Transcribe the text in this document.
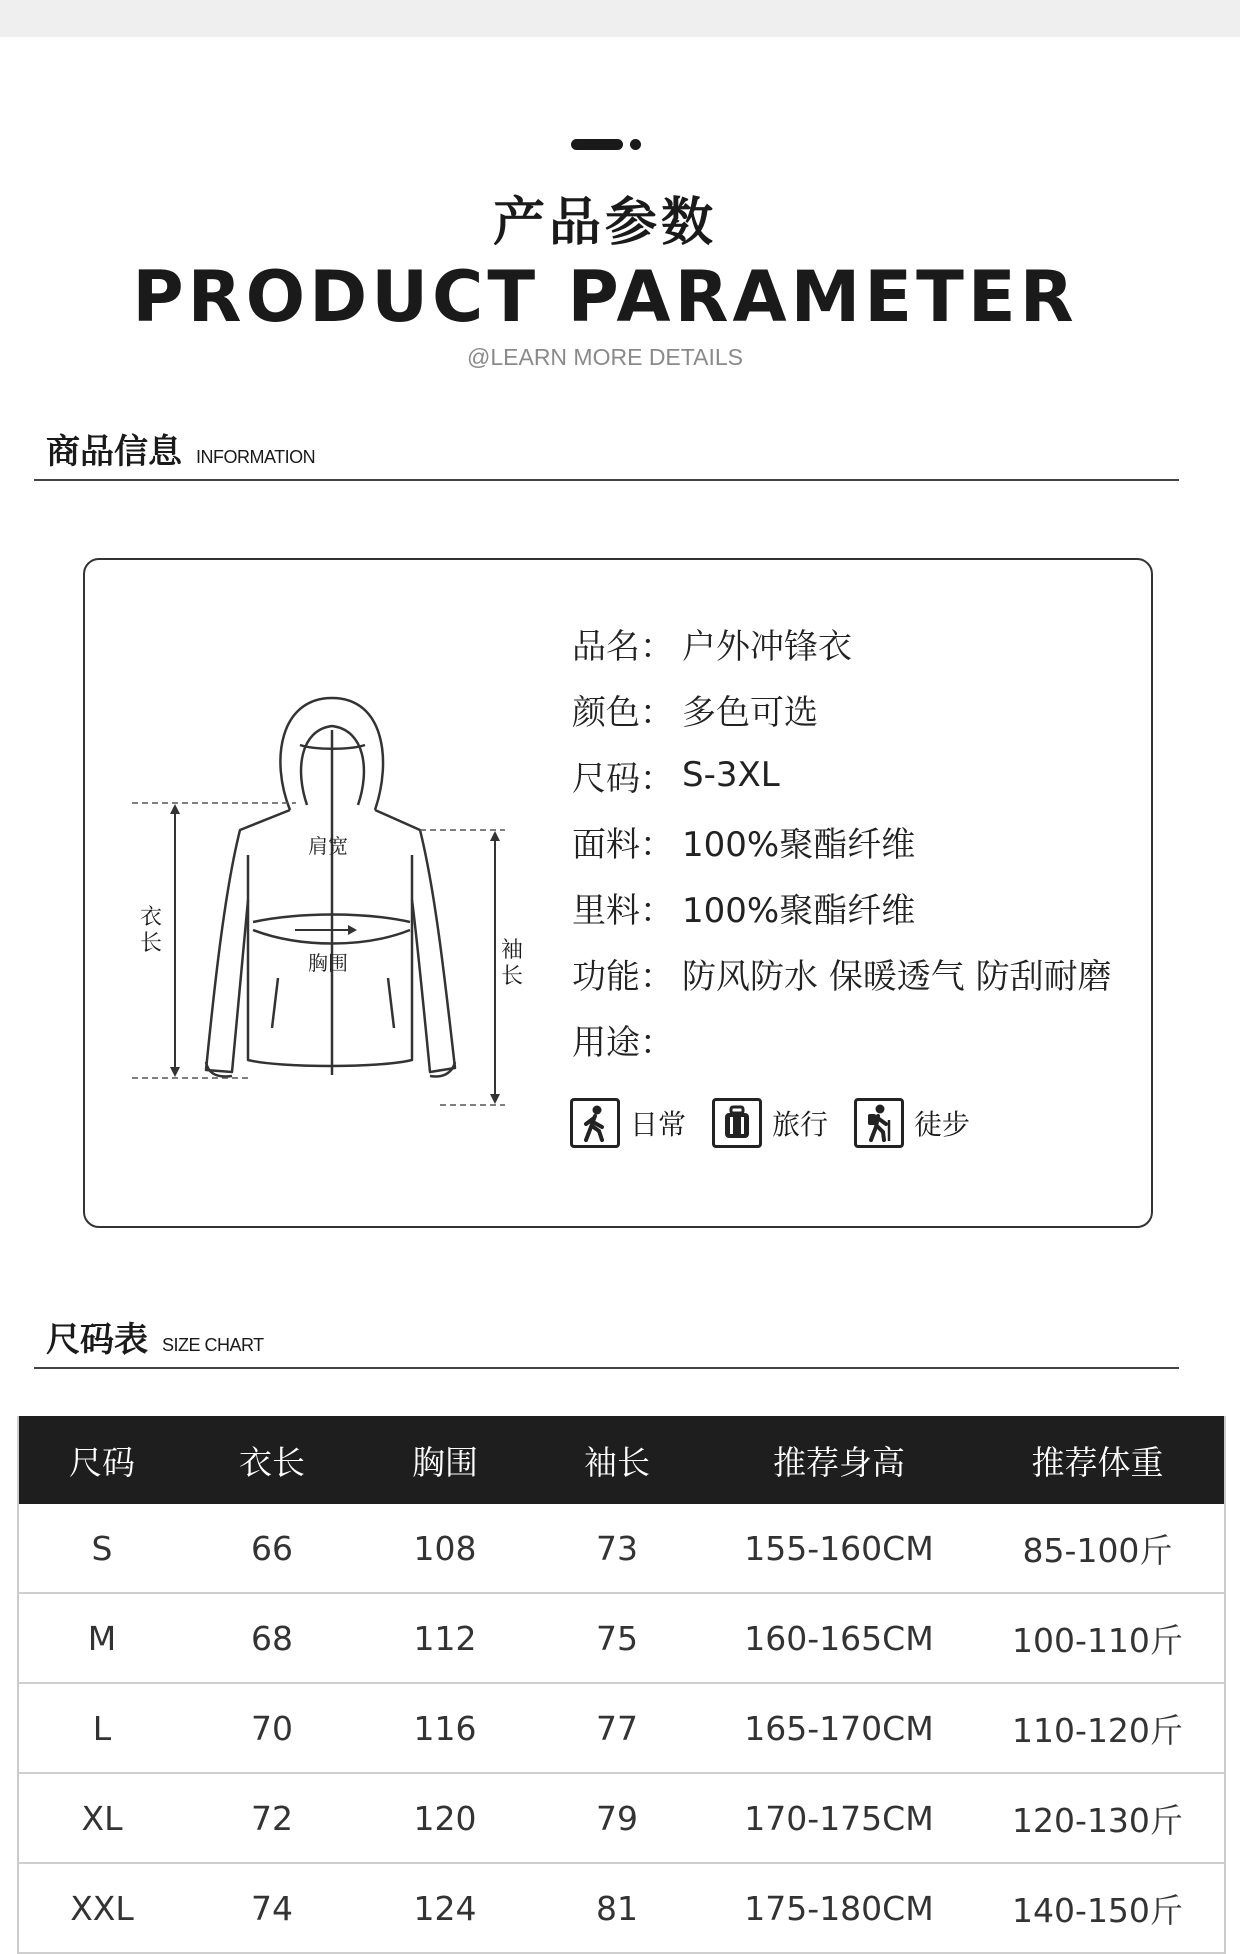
产品参数
PRODUCT PARAMETER
@LEARN MORE DETAILS
商品信息 INFORMATION
肩宽
胸围
衣长	袖长
品名： 户外冲锋衣
颜色： 多色可选
尺码： S-3XL
面料： 100%聚酯纤维
里料： 100%聚酯纤维
功能： 防风防水 保暖透气 防刮耐磨
用途：
日常	旅行	徒步
尺码表 SIZE CHART
尺码	衣长	胸围	袖长	推荐身高	推荐体重
S	66	108	73	155-160CM	85-100斤
M	68	112	75	160-165CM	100-110斤
L	70	116	77	165-170CM	110-120斤
XL	72	120	79	170-175CM	120-130斤
XXL	74	124	81	175-180CM	140-150斤
